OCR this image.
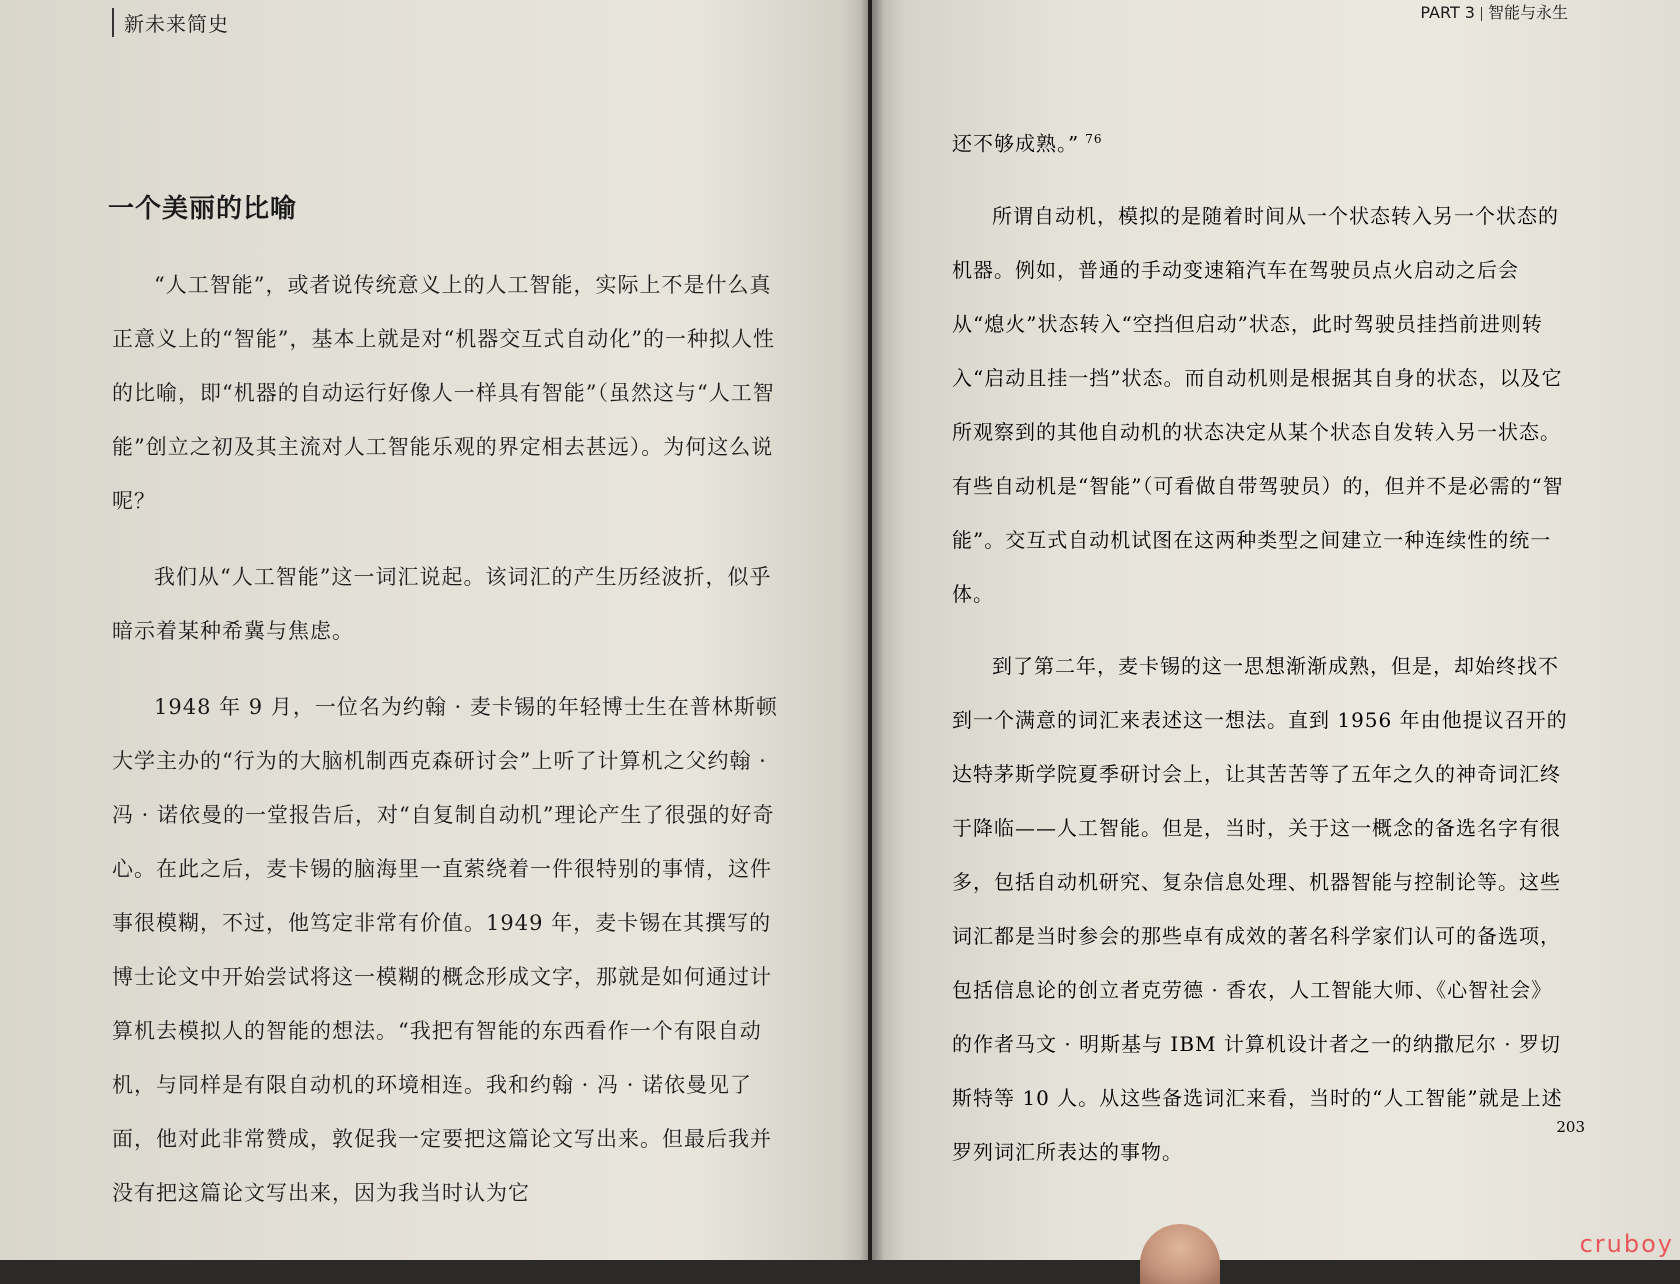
新未来简史
一个美丽的比喻

“人工智能”，或者说传统意义上的人工智能，实际上不是什么真正意义上的“智能”，基本上就是对“机器交互式自动化”的一种拟人性的比喻，即“机器的自动运行好像人一样具有智能”（虽然这与“人工智能”创立之初及其主流对人工智能乐观的界定相去甚远）。为何这么说呢？

我们从“人工智能”这一词汇说起。该词汇的产生历经波折，似乎暗示着某种希冀与焦虑。

1948 年 9 月，一位名为约翰 · 麦卡锡的年轻博士生在普林斯顿大学主办的“行为的大脑机制西克森研讨会”上听了计算机之父约翰 · 冯 · 诺依曼的一堂报告后，对“自复制自动机”理论产生了很强的好奇心。在此之后，麦卡锡的脑海里一直萦绕着一件很特别的事情，这件事很模糊，不过，他笃定非常有价值。1949 年，麦卡锡在其撰写的博士论文中开始尝试将这一模糊的概念形成文字，那就是如何通过计算机去模拟人的智能的想法。“我把有智能的东西看作一个有限自动机，与同样是有限自动机的环境相连。我和约翰 · 冯 · 诺依曼见了面，他对此非常赞成，敦促我一定要把这篇论文写出来。但最后我并没有把这篇论文写出来，因为我当时认为它

PART 3 智能与永生

还不够成熟。” $^{76}$

所谓自动机，模拟的是随着时间从一个状态转入另一个状态的机器。例如，普通的手动变速箱汽车在驾驶员点火启动之后会从“熄火”状态转入“空挡但启动”状态，此时驾驶员挂挡前进则转入“启动且挂一挡”状态。而自动机则是根据其自身的状态，以及它所观察到的其他自动机的状态决定从某个状态自发转入另一状态。有些自动机是“智能”（可看做自带驾驶员）的，但并不是必需的“智能”。交互式自动机试图在这两种类型之间建立一种连续性的统一体。

到了第二年，麦卡锡的这一思想渐渐成熟，但是，却始终找不到一个满意的词汇来表述这一想法。直到 1956 年由他提议召开的达特茅斯学院夏季研讨会上，让其苦苦等了五年之久的神奇词汇终于降临——人工智能。但是，当时，关于这一概念的备选名字有很多，包括自动机研究、复杂信息处理、机器智能与控制论等。这些词汇都是当时参会的那些卓有成效的著名科学家们认可的备选项，包括信息论的创立者克劳德 · 香农，人工智能大师、《心智社会》的作者马文 · 明斯基与 IBM 计算机设计者之一的纳撒尼尔 · 罗切斯特等 10 人。从这些备选词汇来看，当时的“人工智能”就是上述罗列词汇所表达的事物。

203
cruboy
